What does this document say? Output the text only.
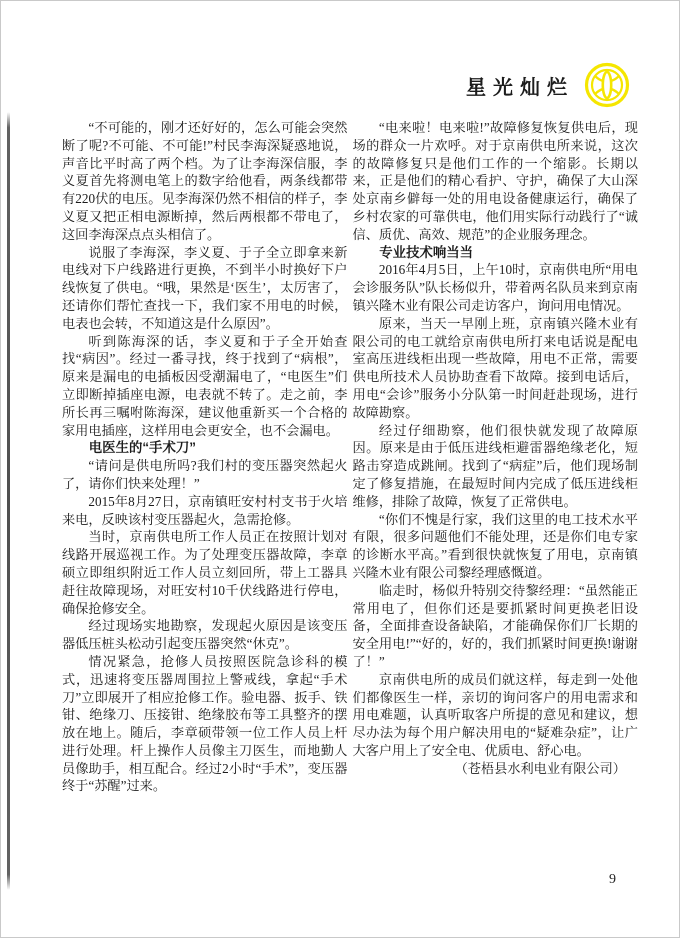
星光灿烂

“不可能的，刚才还好好的，怎么可能会突然断了呢?不可能、不可能!”村民李海深疑惑地说，声音比平时高了两个档。为了让李海深信服，李义夏首先将测电笔上的数字给他看，两条线都带有220伏的电压。见李海深仍然不相信的样子，李义夏又把正相电源断掉，然后两根都不带电了，这回李海深点点头相信了。

说服了李海深，李义夏、于子全立即拿来新电线对下户线路进行更换，不到半小时换好下户线恢复了供电。“哦，果然是‘医生’，太厉害了，还请你们帮忙查找一下，我们家不用电的时候，电表也会转，不知道这是什么原因”。

听到陈海深的话，李义夏和于子全开始查找“病因”。经过一番寻找，终于找到了“病根”，原来是漏电的电插板因受潮漏电了，“电医生”们立即断掉插座电源，电表就不转了。走之前，李所长再三嘱咐陈海深，建议他重新买一个合格的家用电插座，这样用电会更安全，也不会漏电。

电医生的“手术刀”

“请问是供电所吗?我们村的变压器突然起火了，请你们快来处理！”

2015年8月27日，京南镇旺安村村支书于火培来电，反映该村变压器起火，急需抢修。

当时，京南供电所工作人员正在按照计划对线路开展巡视工作。为了处理变压器故障，李章硕立即组织附近工作人员立刻回所，带上工器具赶往故障现场，对旺安村10千伏线路进行停电，确保抢修安全。

经过现场实地勘察，发现起火原因是该变压器低压桩头松动引起变压器突然“休克”。

情况紧急，抢修人员按照医院急诊科的模式，迅速将变压器周围拉上警戒线，拿起“手术刀”立即展开了相应抢修工作。验电器、扳手、铁钳、绝缘刀、压接钳、绝缘胶布等工具整齐的摆放在地上。随后，李章硕带领一位工作人员上杆进行处理。杆上操作人员像主刀医生，而地勤人员像助手，相互配合。经过2小时“手术”，变压器终于“苏醒”过来。

“电来啦！电来啦!”故障修复恢复供电后，现场的群众一片欢呼。对于京南供电所来说，这次的故障修复只是他们工作的一个缩影。长期以来，正是他们的精心看护、守护，确保了大山深处京南乡僻每一处的用电设备健康运行，确保了乡村农家的可靠供电，他们用实际行动践行了“诚信、质优、高效、规范”的企业服务理念。

专业技术响当当

2016年4月5日，上午10时，京南供电所“用电会诊服务队”队长杨似升，带着两名队员来到京南镇兴隆木业有限公司走访客户，询问用电情况。

原来，当天一早刚上班，京南镇兴隆木业有限公司的电工就给京南供电所打来电话说是配电室高压进线柜出现一些故障，用电不正常，需要供电所技术人员协助查看下故障。接到电话后，用电“会诊”服务小分队第一时间赶赴现场，进行故障勘察。

经过仔细勘察，他们很快就发现了故障原因。原来是由于低压进线柜避雷器绝缘老化，短路击穿造成跳闸。找到了“病症”后，他们现场制定了修复措施，在最短时间内完成了低压进线柜维修，排除了故障，恢复了正常供电。

“你们不愧是行家，我们这里的电工技术水平有限，很多问题他们不能处理，还是你们电专家的诊断水平高。”看到很快就恢复了用电，京南镇兴隆木业有限公司黎经理感慨道。

临走时，杨似升特别交待黎经理：“虽然能正常用电了，但你们还是要抓紧时间更换老旧设备，全面排查设备缺陷，才能确保你们厂长期的安全用电!”“好的，好的，我们抓紧时间更换!谢谢了！”

京南供电所的成员们就这样，每走到一处他们都像医生一样，亲切的询问客户的用电需求和用电难题，认真听取客户所提的意见和建议，想尽办法为每个用户解决用电的“疑难杂症”，让广大客户用上了安全电、优质电、舒心电。

（苍梧县水利电业有限公司）

9
